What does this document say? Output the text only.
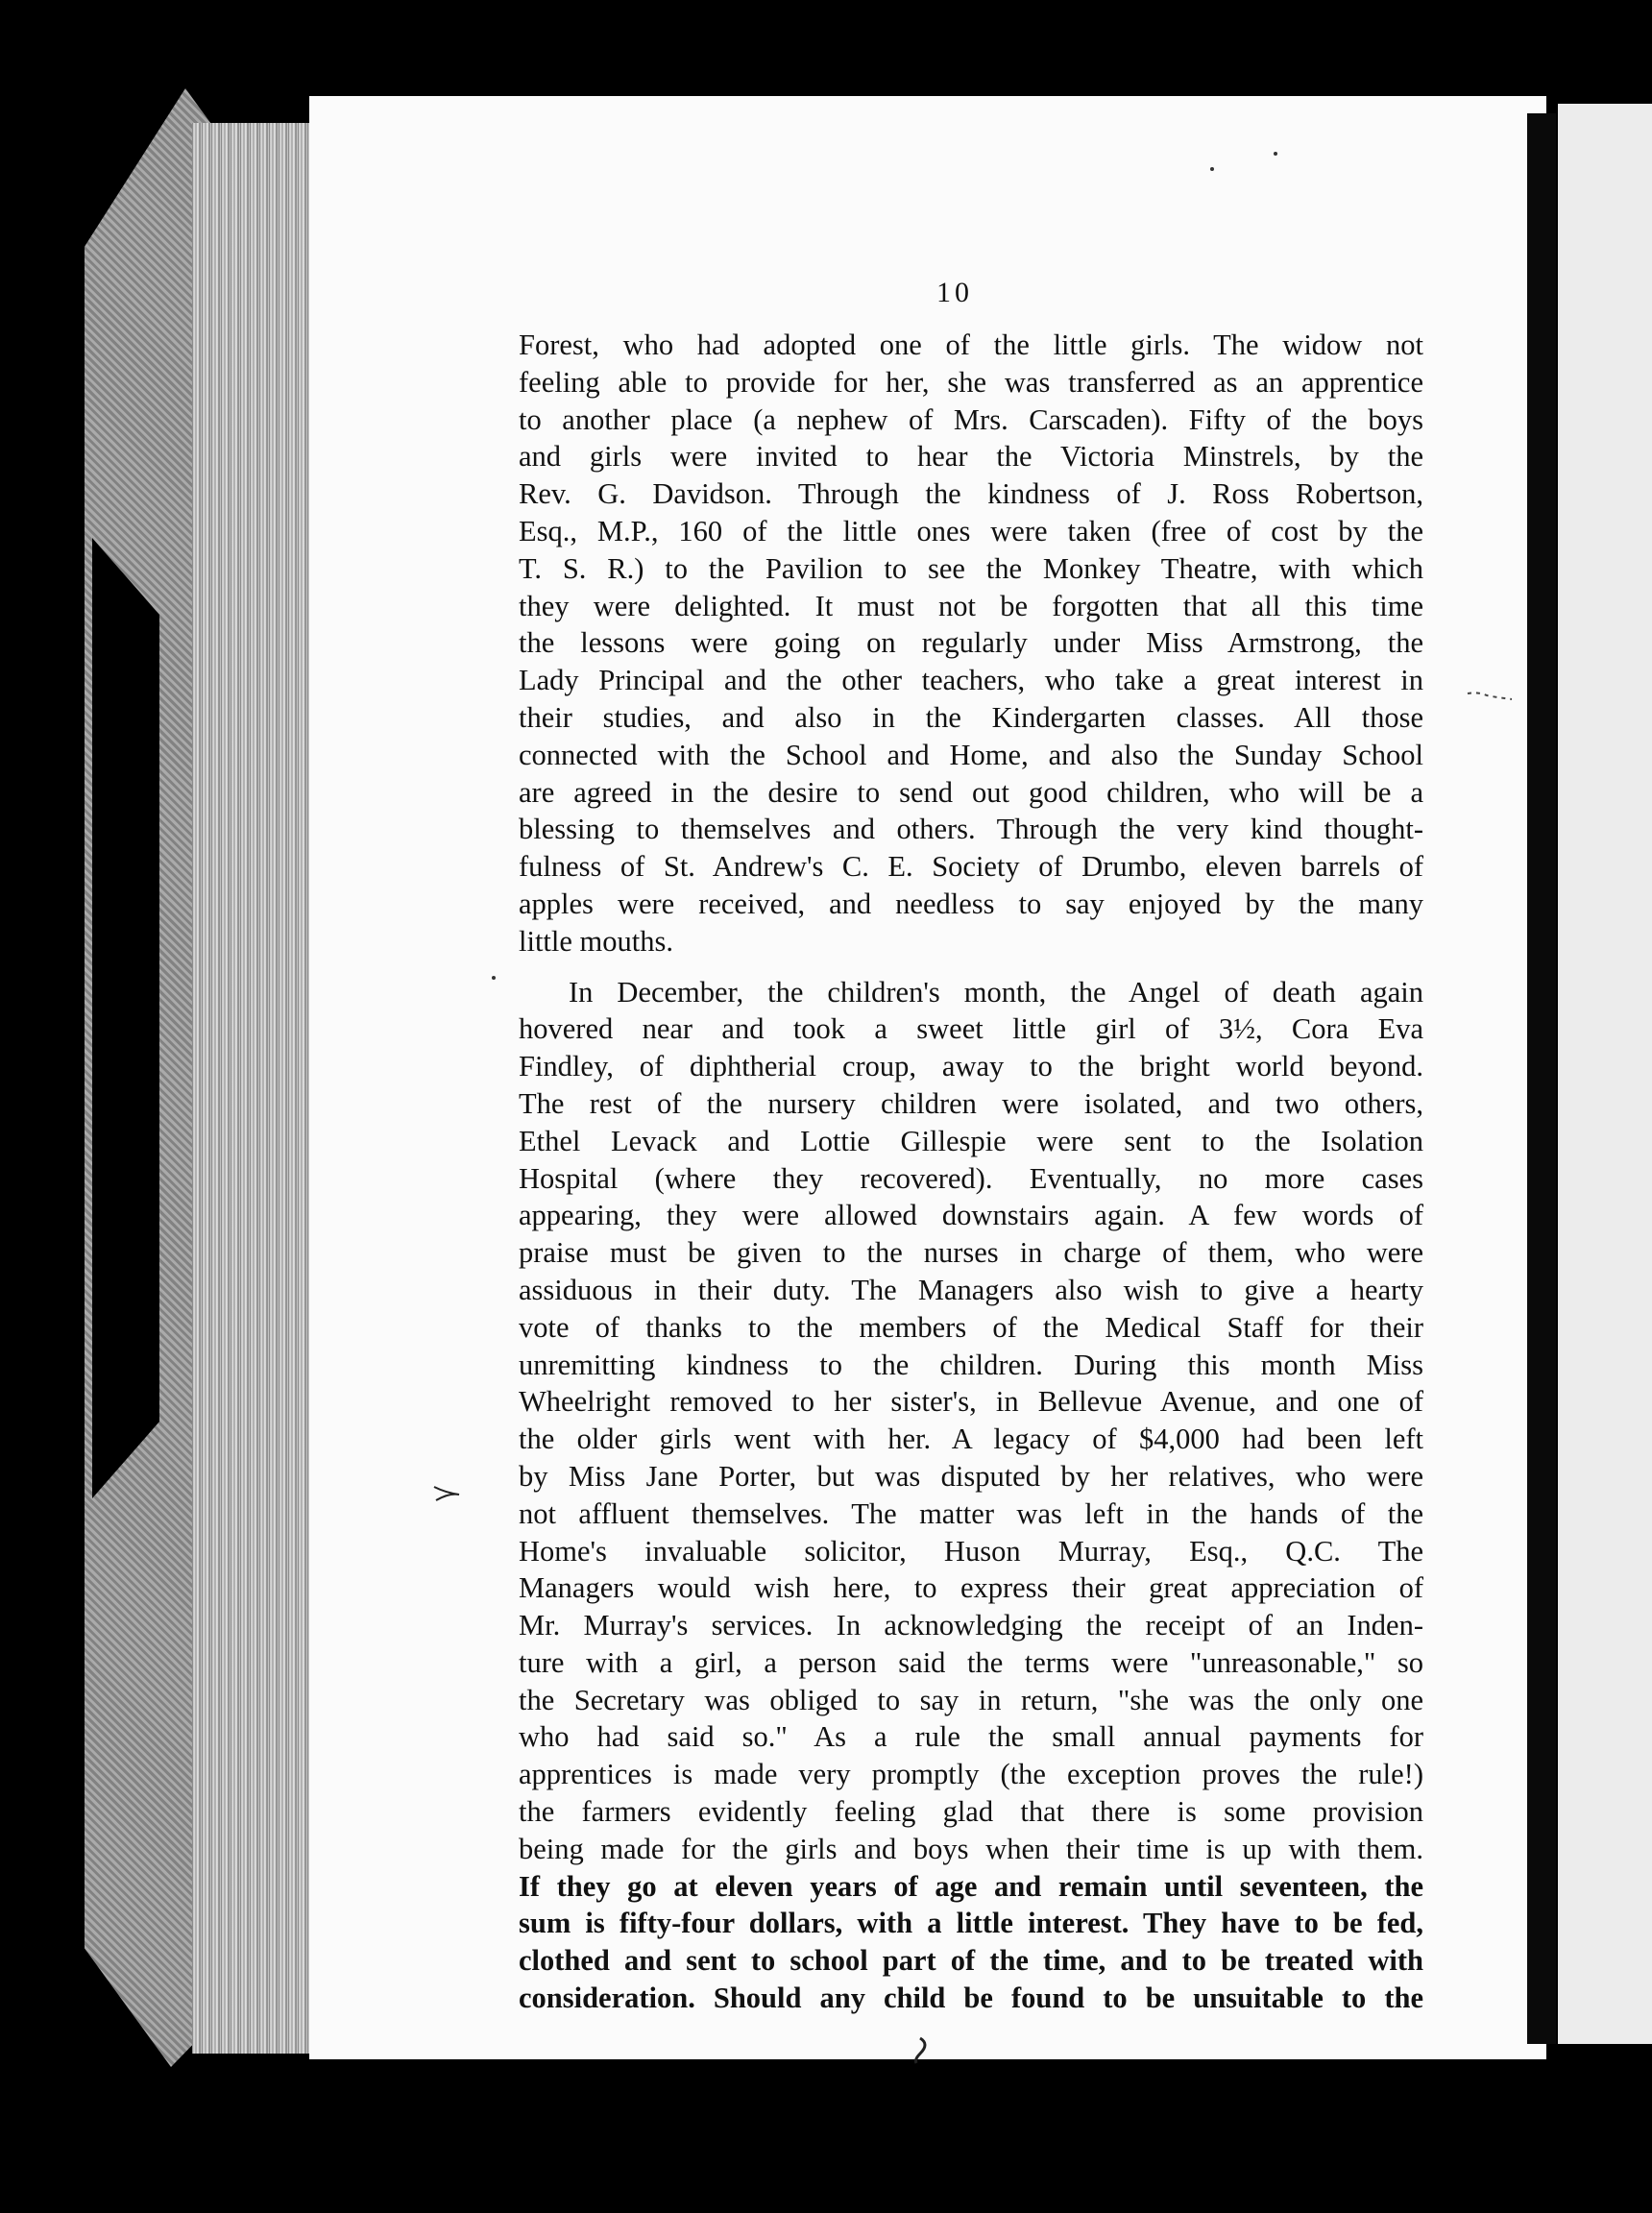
10

Forest, who had adopted one of the little girls. The widow not
feeling able to provide for her, she was transferred as an apprentice
to another place (a nephew of Mrs. Carscaden). Fifty of the boys
and girls were invited to hear the Victoria Minstrels, by the
Rev. G. Davidson. Through the kindness of J. Ross Robertson,
Esq., M.P., 160 of the little ones were taken (free of cost by the
T. S. R.) to the Pavilion to see the Monkey Theatre, with which
they were delighted. It must not be forgotten that all this time
the lessons were going on regularly under Miss Armstrong, the
Lady Principal and the other teachers, who take a great interest in
their studies, and also in the Kindergarten classes. All those
connected with the School and Home, and also the Sunday School
are agreed in the desire to send out good children, who will be a
blessing to themselves and others. Through the very kind thought-
fulness of St. Andrew's C. E. Society of Drumbo, eleven barrels of
apples were received, and needless to say enjoyed by the many
little mouths.

In December, the children's month, the Angel of death again
hovered near and took a sweet little girl of 3½, Cora Eva
Findley, of diphtherial croup, away to the bright world beyond.
The rest of the nursery children were isolated, and two others,
Ethel Levack and Lottie Gillespie were sent to the Isolation
Hospital (where they recovered). Eventually, no more cases
appearing, they were allowed downstairs again. A few words of
praise must be given to the nurses in charge of them, who were
assiduous in their duty. The Managers also wish to give a hearty
vote of thanks to the members of the Medical Staff for their
unremitting kindness to the children. During this month Miss
Wheelright removed to her sister's, in Bellevue Avenue, and one of
the older girls went with her. A legacy of $4,000 had been left
by Miss Jane Porter, but was disputed by her relatives, who were
not affluent themselves. The matter was left in the hands of the
Home's invaluable solicitor, Huson Murray, Esq., Q.C. The
Managers would wish here, to express their great appreciation of
Mr. Murray's services. In acknowledging the receipt of an Inden-
ture with a girl, a person said the terms were "unreasonable," so
the Secretary was obliged to say in return, "she was the only one
who had said so." As a rule the small annual payments for
apprentices is made very promptly (the exception proves the rule!)
the farmers evidently feeling glad that there is some provision
being made for the girls and boys when their time is up with them.
If they go at eleven years of age and remain until seventeen, the
sum is fifty-four dollars, with a little interest. They have to be fed,
clothed and sent to school part of the time, and to be treated with
consideration. Should any child be found to be unsuitable to the
